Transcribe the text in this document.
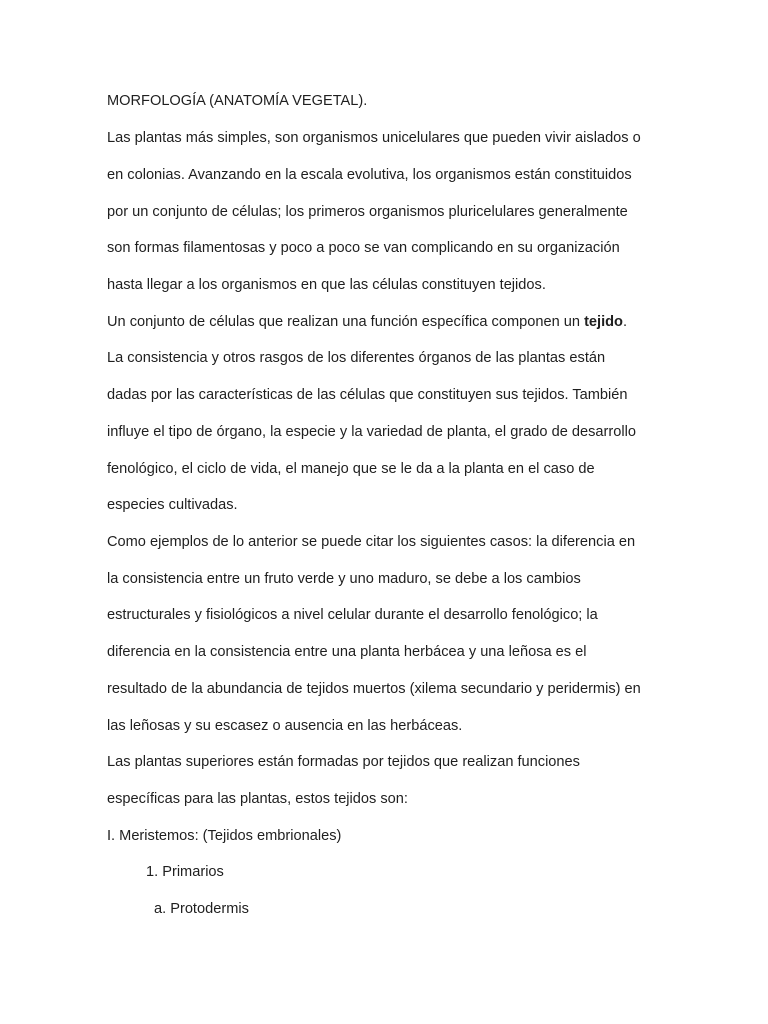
MORFOLOGÍA (ANATOMÍA VEGETAL).
Las plantas más simples, son organismos unicelulares que pueden vivir aislados o
en colonias. Avanzando en la escala evolutiva, los organismos están constituidos
por un conjunto de células; los primeros organismos pluricelulares generalmente
son formas filamentosas y poco a poco se van complicando en su organización
hasta llegar a los organismos en que las células constituyen tejidos.
Un conjunto de células que realizan una función específica componen un tejido.
La consistencia y otros rasgos de los diferentes órganos de las plantas están
dadas por las características de las células que constituyen sus tejidos. También
influye el tipo de órgano, la especie y la variedad de planta, el grado de desarrollo
fenológico, el ciclo de vida, el manejo que se le da a la planta en el caso de
especies cultivadas.
Como ejemplos de lo anterior se puede citar los siguientes casos: la diferencia en
la consistencia entre un fruto verde y uno maduro, se debe a los cambios
estructurales y fisiológicos a nivel celular durante el desarrollo fenológico; la
diferencia en la consistencia entre una planta herbácea y una leñosa es el
resultado de la abundancia de tejidos muertos (xilema secundario y peridermis) en
las leñosas y su escasez o ausencia en las herbáceas.
Las plantas superiores están formadas por tejidos que realizan funciones
específicas para las plantas, estos tejidos son:
I. Meristemos: (Tejidos embrionales)
1. Primarios
a. Protodermis
